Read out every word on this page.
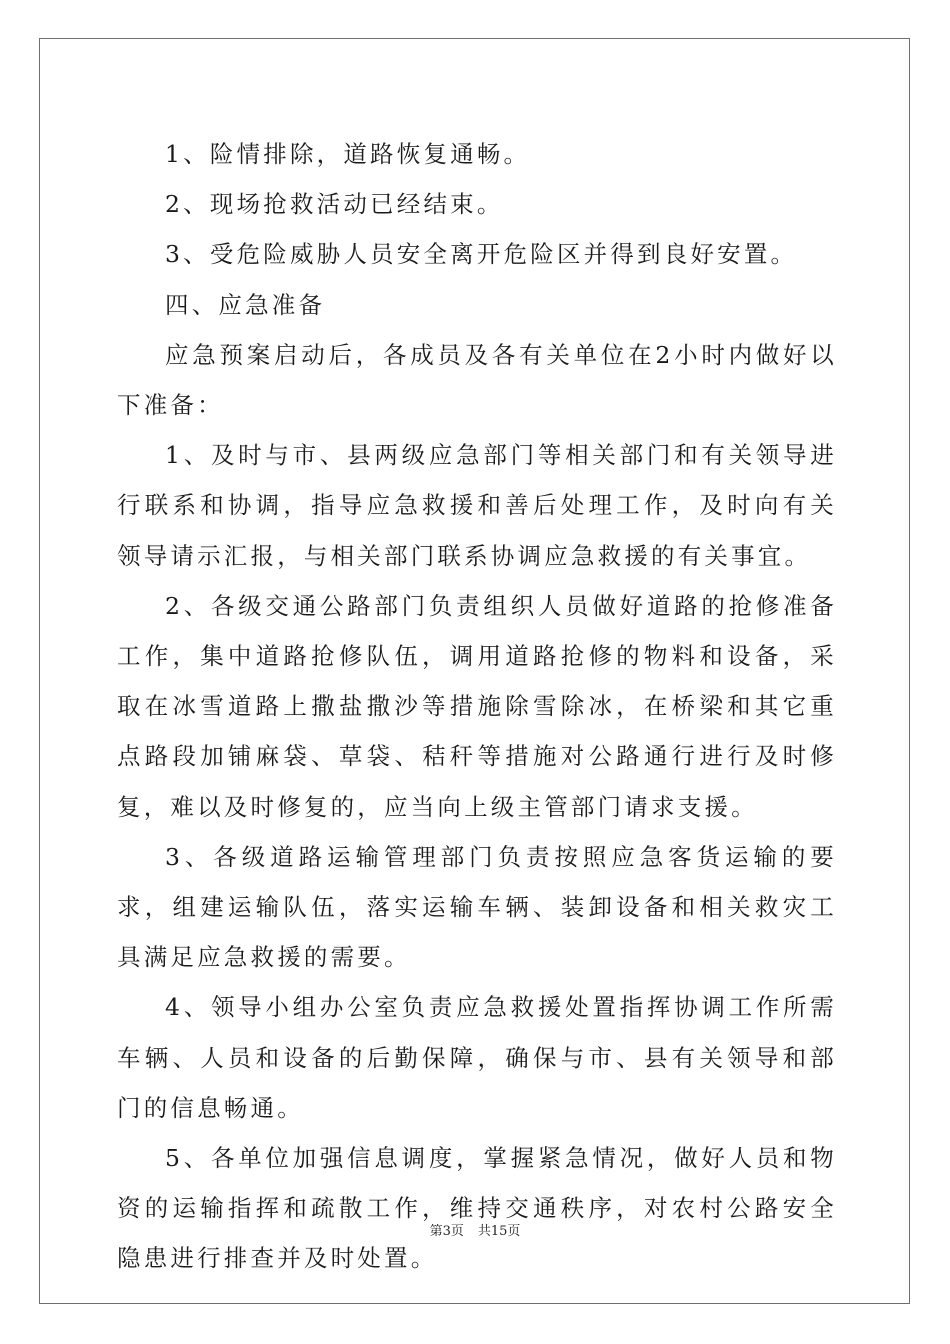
1、险情排除，道路恢复通畅。

2、现场抢救活动已经结束。

3、受危险威胁人员安全离开危险区并得到良好安置。

四、应急准备

应急预案启动后，各成员及各有关单位在2小时内做好以下准备：

1、及时与市、县两级应急部门等相关部门和有关领导进行联系和协调，指导应急救援和善后处理工作，及时向有关领导请示汇报，与相关部门联系协调应急救援的有关事宜。

2、各级交通公路部门负责组织人员做好道路的抢修准备工作，集中道路抢修队伍，调用道路抢修的物料和设备，采取在冰雪道路上撒盐撒沙等措施除雪除冰，在桥梁和其它重点路段加铺麻袋、草袋、秸秆等措施对公路通行进行及时修复，难以及时修复的，应当向上级主管部门请求支援。

3、各级道路运输管理部门负责按照应急客货运输的要求，组建运输队伍，落实运输车辆、装卸设备和相关救灾工具满足应急救援的需要。

4、领导小组办公室负责应急救援处置指挥协调工作所需车辆、人员和设备的后勤保障，确保与市、县有关领导和部门的信息畅通。

5、各单位加强信息调度，掌握紧急情况，做好人员和物资的运输指挥和疏散工作，维持交通秩序，对农村公路安全隐患进行排查并及时处置。

第3页 共15页
